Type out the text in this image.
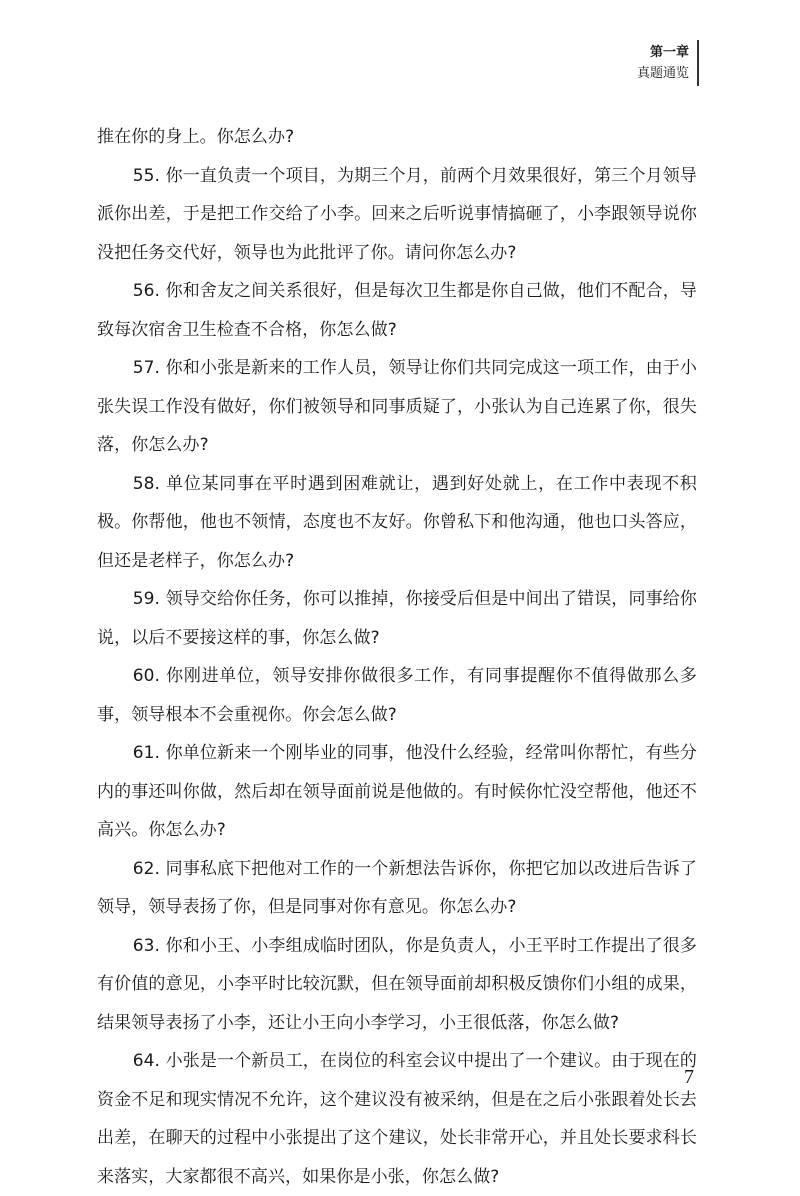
第一章
真题通览

推在你的身上。你怎么办?

55. 你一直负责一个项目，为期三个月，前两个月效果很好，第三个月领导派你出差，于是把工作交给了小李。回来之后听说事情搞砸了，小李跟领导说你没把任务交代好，领导也为此批评了你。请问你怎么办?

56. 你和舍友之间关系很好，但是每次卫生都是你自己做，他们不配合，导致每次宿舍卫生检查不合格，你怎么做?

57. 你和小张是新来的工作人员，领导让你们共同完成这一项工作，由于小张失误工作没有做好，你们被领导和同事质疑了，小张认为自己连累了你，很失落，你怎么办?

58. 单位某同事在平时遇到困难就让，遇到好处就上，在工作中表现不积极。你帮他，他也不领情，态度也不友好。你曾私下和他沟通，他也口头答应，但还是老样子，你怎么办?

59. 领导交给你任务，你可以推掉，你接受后但是中间出了错误，同事给你说，以后不要接这样的事，你怎么做?

60. 你刚进单位，领导安排你做很多工作，有同事提醒你不值得做那么多事，领导根本不会重视你。你会怎么做?

61. 你单位新来一个刚毕业的同事，他没什么经验，经常叫你帮忙，有些分内的事还叫你做，然后却在领导面前说是他做的。有时候你忙没空帮他，他还不高兴。你怎么办?

62. 同事私底下把他对工作的一个新想法告诉你，你把它加以改进后告诉了领导，领导表扬了你，但是同事对你有意见。你怎么办?

63. 你和小王、小李组成临时团队，你是负责人，小王平时工作提出了很多有价值的意见，小李平时比较沉默，但在领导面前却积极反馈你们小组的成果，结果领导表扬了小李，还让小王向小李学习，小王很低落，你怎么做?

64. 小张是一个新员工，在岗位的科室会议中提出了一个建议。由于现在的资金不足和现实情况不允许，这个建议没有被采纳，但是在之后小张跟着处长去出差，在聊天的过程中小张提出了这个建议，处长非常开心，并且处长要求科长来落实，大家都很不高兴，如果你是小张，你怎么做?

7
